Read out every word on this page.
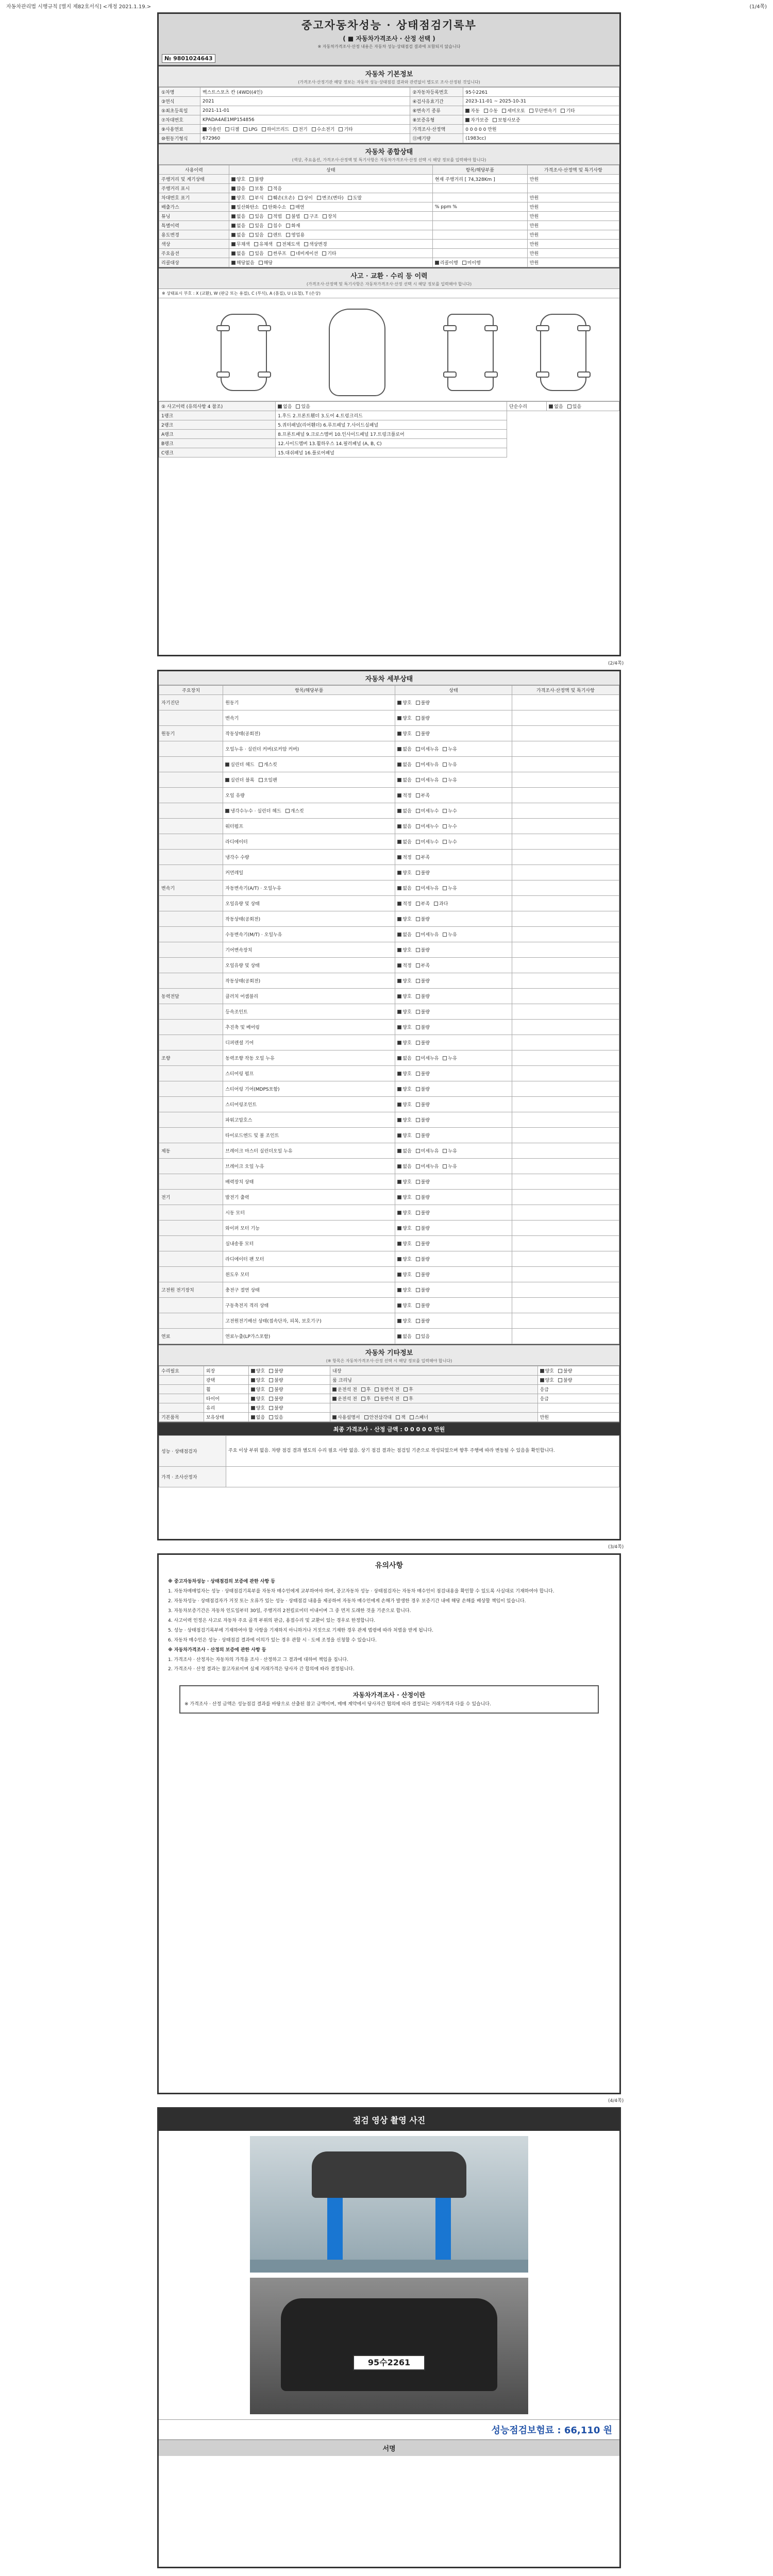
자동차관리법 시행규칙 [별지 제82호서식] <개정 2021.1.19.>	(1/4쪽)
중고자동차성능 · 상태점검기록부
( ■ 자동차가격조사 · 산정 선택 )
※ 자동차가격조사·산정 내용은 자동차 성능·상태점검 결과에 포함되지 않습니다
№ 9801024643
자동차 기본정보
(가격조사·산정기관 해당 정보는 자동차 성능·상태점검 결과와 관련없이 별도로 조사·산정된 것입니다)
①차명	벡스트스포츠 칸 (4WD)(4인)	②자동차등록번호	95수2261
③연식	2021	④검사유효기간	2023-11-01 ~ 2025-10-31
⑤최초등록일	2021-11-01	⑥변속기 종류	자동 수동 세미오토 무단변속기 기타
⑦차대번호	KPADA4AE1MP154856	⑧보증유형	자가보증 보험사보증
⑨사용연료	가솔린 디젤 LPG 하이브리드 전기 수소전기 기타	가격조사·산정액	0 0 0 0 0 만원
⑩원동기형식	672960	⑪배기량	(1983cc)
자동차 종합상태
(색상, 주요옵션, 가격조사·산정액 및 특기사항은 자동차가격조사·산정 선택 시 해당 정보를 입력해야 합니다)
사용이력	상태	항목/해당부품	가격조사·산정액 및 특기사항
주행거리 및 계기상태	양호 불량	현재 주행거리 [ 74,328Km ]	만원
주행거리 표시	많음 보통 적음		
차대번호 표기	양호 부식 훼손(오손) 상이 변조(변타) 도말		만원
배출가스	일산화탄소 탄화수소 매연	% ppm %	만원
튜닝	없음 있음 적법 불법 구조 장치		만원
특별이력	없음 있음 침수 화재		만원
용도변경	없음 있음 렌트 영업용		만원
색상	무채색 유채색 전체도색 색상변경		만원
주요옵션	없음 있음 썬루프 네비게이션 기타		만원
리콜대상	해당없음 해당	리콜이행 미이행	만원
사고 · 교환 · 수리 등 이력
(가격조사·산정액 및 특기사항은 자동차가격조사·산정 선택 시 해당 정보를 입력해야 합니다)
※ 상태표시 부호 : X (교환), W (판금 또는 용접), C (부식), A (흠집), U (요철), T (손상)
⑤ 사고이력 (유의사항 4 참조)	없음 있음	단순수리	없음 있음
1랭크	1.후드 2.프론트휀더 3.도어 4.트렁크리드		
2랭크	5.쿼터패널(리어휀더) 6.루프패널 7.사이드실패널		
A랭크	8.프론트패널 9.크로스멤버 10.인사이드패널 17.트렁크플로어		
B랭크	12.사이드멤버 13.휠하우스 14.필러패널 (A, B, C)		
C랭크	15.대쉬패널 16.플로어패널		
(2/4쪽)
자동차 세부상태
주요장치	항목/해당부품	상태	가격조사·산정액 및 특기사항
자기진단	원동기	양호 불량	
	변속기	양호 불량	
원동기	작동상태(공회전)	양호 불량	
	오일누유 · 실린더 커버(로커암 커버)	없음 미세누유 누유	
	실린더 헤드 개스킷	없음 미세누유 누유	
	실린더 블록 오일팬	없음 미세누유 누유	
	오일 유량	적정 부족	
	냉각수누수 · 실린더 헤드 개스킷	없음 미세누수 누수	
	워터펌프	없음 미세누수 누수	
	라디에이터	없음 미세누수 누수	
	냉각수 수량	적정 부족	
	커먼레일	양호 불량	
변속기	자동변속기(A/T) · 오일누유	없음 미세누유 누유	
	오일유량 및 상태	적정 부족 과다	
	작동상태(공회전)	양호 불량	
	수동변속기(M/T) · 오일누유	없음 미세누유 누유	
	기어변속장치	양호 불량	
	오일유량 및 상태	적정 부족	
	작동상태(공회전)	양호 불량	
동력전달	클러치 어셈블리	양호 불량	
	등속조인트	양호 불량	
	추진축 및 베어링	양호 불량	
	디퍼렌셜 기어	양호 불량	
조향	동력조향 작동 오일 누유	없음 미세누유 누유	
	스티어링 펌프	양호 불량	
	스티어링 기어(MDPS포함)	양호 불량	
	스티어링조인트	양호 불량	
	파워고압호스	양호 불량	
	타이로드엔드 및 볼 조인트	양호 불량	
제동	브레이크 마스터 실린더오일 누유	없음 미세누유 누유	
	브레이크 오일 누유	없음 미세누유 누유	
	배력장치 상태	양호 불량	
전기	발전기 출력	양호 불량	
	시동 모터	양호 불량	
	와이퍼 모터 기능	양호 불량	
	실내송풍 모터	양호 불량	
	라디에이터 팬 모터	양호 불량	
	윈도우 모터	양호 불량	
고전원 전기장치	충전구 절연 상태	양호 불량	
	구동축전지 격리 상태	양호 불량	
	고전원전기배선 상태(접속단자, 피복, 보호기구)	양호 불량	
연료	연료누출(LP가스포함)	없음 있음	
자동차 기타정보
(※ 항목은 자동차가격조사·산정 선택 시 해당 정보를 입력해야 합니다)
수리필요	외장	양호 불량	내장	양호 불량
	광택	양호 불량	룸 크리닝	양호 불량
	휠	양호 불량	운전석 전 후 동반석 전 후	응급
	타이어	양호 불량	운전석 전 후 동반석 전 후	응급
	유리	양호 불량		
기본품목	보유상태	없음 있음	사용설명서 안전삼각대 잭 스패너	만원
최종 가격조사 · 산정 금액 : 0 0 0 0 0 만원
성능 · 상태점검자	주요 이상 부위 없음. 차량 점검 결과 별도의 수리 필요 사항 없음. 상기 점검 결과는 점검일 기준으로 작성되었으며 향후 주행에 따라 변동될 수 있음을 확인합니다.
가격 · 조사산정자	
(3/4쪽)
유의사항

※ 중고자동차성능 · 상태점검의 보증에 관한 사항 등

1. 자동차매매업자는 성능 · 상태점검기록부를 자동차 매수인에게 교부하여야 하며, 중고자동차 성능 · 상태점검자는 자동차 매수인이 점검내용을 확인할 수 있도록 사실대로 기재하여야 합니다.

2. 자동차성능 · 상태점검자가 거짓 또는 오류가 있는 성능 · 상태점검 내용을 제공하여 자동차 매수인에게 손해가 발생한 경우 보증기간 내에 해당 손해를 배상할 책임이 있습니다.

3. 자동차보증기간은 자동차 인도일부터 30일, 주행거리 2천킬로미터 이내이며 그 중 먼저 도래한 것을 기준으로 합니다.

4. 사고이력 인정은 사고로 자동차 주요 골격 부위의 판금, 용접수리 및 교환이 있는 경우로 한정합니다.

5. 성능 · 상태점검기록부에 기재하여야 할 사항을 기재하지 아니하거나 거짓으로 기재한 경우 관계 법령에 따라 처벌을 받게 됩니다.

6. 자동차 매수인은 성능 · 상태점검 결과에 이의가 있는 경우 관할 시 · 도에 조정을 신청할 수 있습니다.

※ 자동차가격조사 · 산정의 보증에 관한 사항 등

1. 가격조사 · 산정자는 자동차의 가격을 조사 · 산정하고 그 결과에 대하여 책임을 집니다.

2. 가격조사 · 산정 결과는 참고자료이며 실제 거래가격은 당사자 간 합의에 따라 결정됩니다.

자동차가격조사 · 산정이란
※ 가격조사 · 산정 금액은 성능점검 결과를 바탕으로 산출된 참고 금액이며, 매매 계약에서 당사자간 협의에 따라 결정되는 거래가격과 다를 수 있습니다.
(4/4쪽)
점검 영상 촬영 사진
95수2261
성능점검보험료 : 66,110 원
서명
